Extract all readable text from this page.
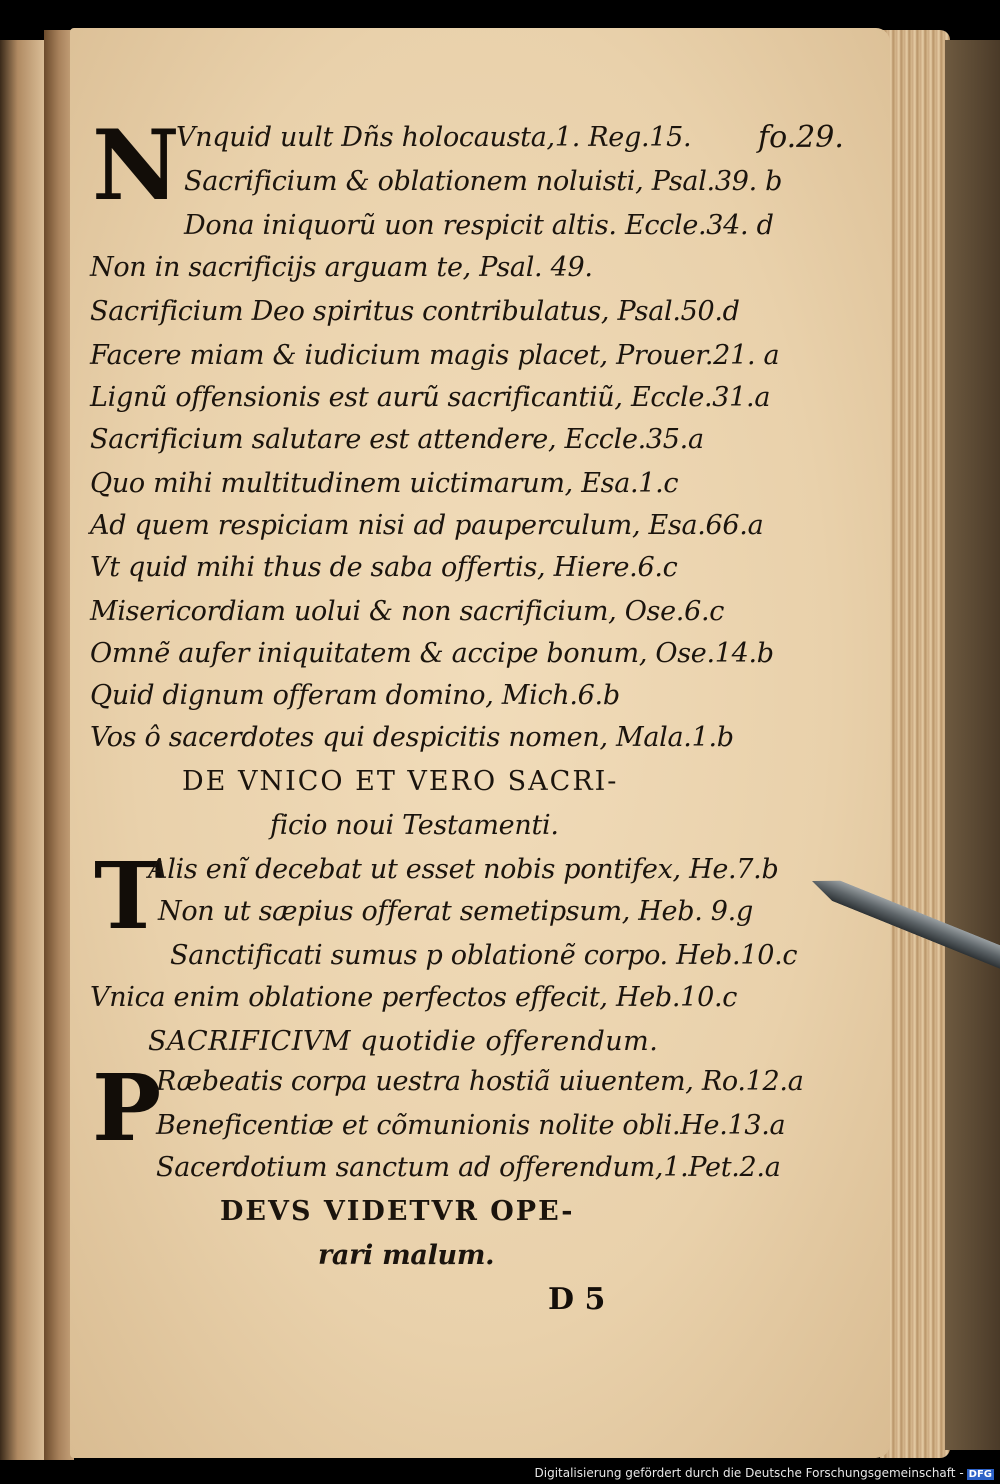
fo.29.
N
Vnquid uult Dñs holocausta,1. Reg.15.
Sacrificium & oblationem noluisti, Psal.39. b
Dona iniquorũ uon respicit altis. Eccle.34. d
Non in sacrificijs arguam te, Psal. 49.
Sacrificium Deo spiritus contribulatus, Psal.50.d
Facere miam & iudicium magis placet, Prouer.21. a
Lignũ offensionis est aurũ sacrificantiũ, Eccle.31.a
Sacrificium salutare est attendere, Eccle.35.a
Quo mihi multitudinem uictimarum, Esa.1.c
Ad quem respiciam nisi ad pauperculum, Esa.66.a
Vt quid mihi thus de saba offertis, Hiere.6.c
Misericordiam uolui & non sacrificium, Ose.6.c
Omnẽ aufer iniquitatem & accipe bonum, Ose.14.b
Quid dignum offeram domino, Mich.6.b
Vos ô sacerdotes qui despicitis nomen, Mala.1.b
DE VNICO ET VERO SACRI-
ficio noui Testamenti.
T
Alis enĩ decebat ut esset nobis pontifex, He.7.b
Non ut sæpius offerat semetipsum, Heb. 9.g
Sanctificati sumus p oblationẽ corpo. Heb.10.c
Vnica enim oblatione perfectos effecit, Heb.10.c
SACRIFICIVM quotidie offerendum.
P
Ræbeatis corpa uestra hostiã uiuentem, Ro.12.a
Beneficentiæ et cõmunionis nolite obli.He.13.a
Sacerdotium sanctum ad offerendum,1.Pet.2.a
DEVS VIDETVR OPE-
rari malum.
D 5
Digitalisierung gefördert durch die Deutsche Forschungsgemeinschaft - DFG
